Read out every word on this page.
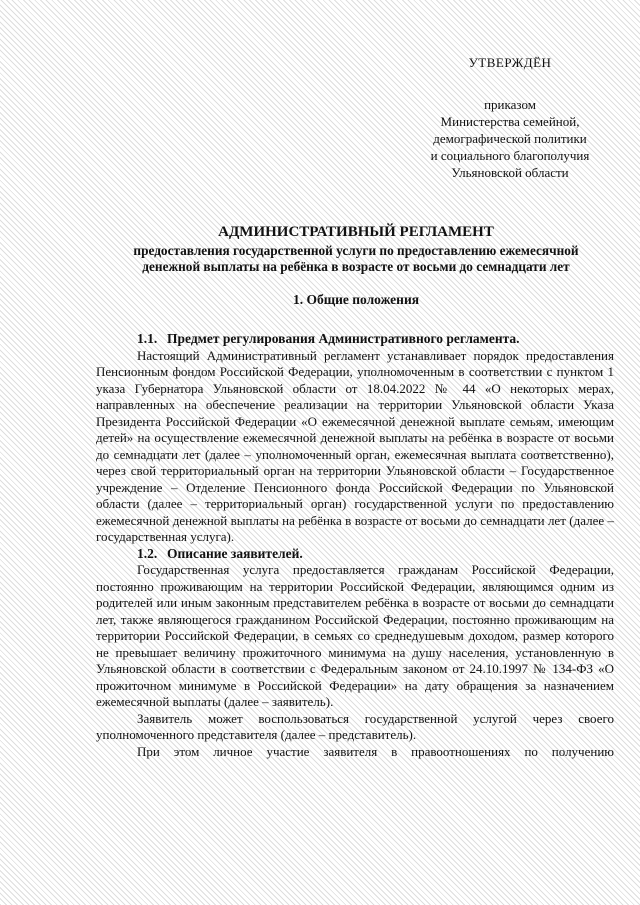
УТВЕРЖДЁН
приказом
Министерства семейной,
демографической политики
и социального благополучия
Ульяновской области
АДМИНИСТРАТИВНЫЙ РЕГЛАМЕНТ
предоставления государственной услуги по предоставлению ежемесячной денежной выплаты на ребёнка в возрасте от восьми до семнадцати лет
1. Общие положения
1.1. Предмет регулирования Административного регламента.

Настоящий Административный регламент устанавливает порядок предоставления Пенсионным фондом Российской Федерации, уполномоченным в соответствии с пунктом 1 указа Губернатора Ульяновской области от 18.04.2022 № 44 «О некоторых мерах, направленных на обеспечение реализации на территории Ульяновской области Указа Президента Российской Федерации «О ежемесячной денежной выплате семьям, имеющим детей» на осуществление ежемесячной денежной выплаты на ребёнка в возрасте от восьми до семнадцати лет (далее – уполномоченный орган, ежемесячная выплата соответственно), через свой территориальный орган на территории Ульяновской области – Государственное учреждение – Отделение Пенсионного фонда Российской Федерации по Ульяновской области (далее – территориальный орган) государственной услуги по предоставлению ежемесячной денежной выплаты на ребёнка в возрасте от восьми до семнадцати лет (далее – государственная услуга).

1.2. Описание заявителей.

Государственная услуга предоставляется гражданам Российской Федерации, постоянно проживающим на территории Российской Федерации, являющимся одним из родителей или иным законным представителем ребёнка в возрасте от восьми до семнадцати лет, также являющегося гражданином Российской Федерации, постоянно проживающим на территории Российской Федерации, в семьях со среднедушевым доходом, размер которого не превышает величину прожиточного минимума на душу населения, установленную в Ульяновской области в соответствии с Федеральным законом от 24.10.1997 № 134-ФЗ «О прожиточном минимуме в Российской Федерации» на дату обращения за назначением ежемесячной выплаты (далее – заявитель).

Заявитель может воспользоваться государственной услугой через своего уполномоченного представителя (далее – представитель).

При этом личное участие заявителя в правоотношениях по получению
